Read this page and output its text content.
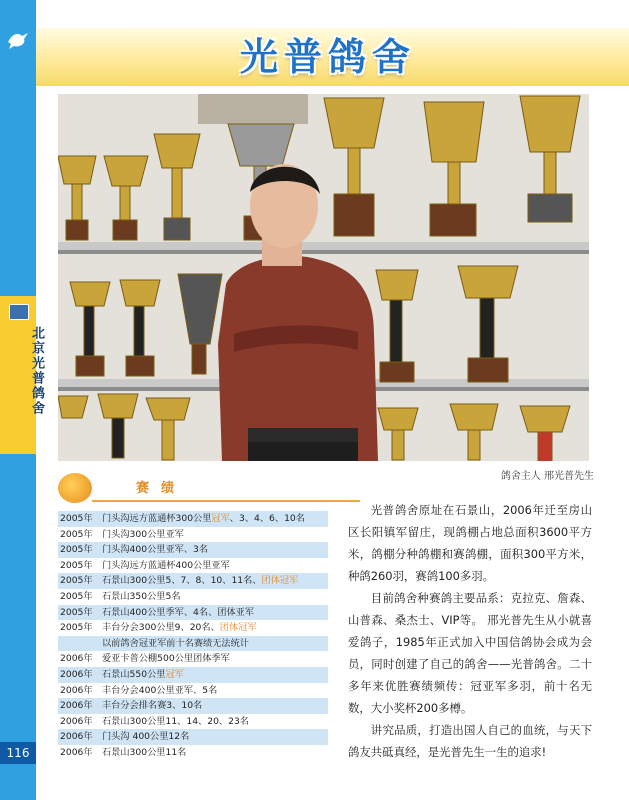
北京光普鸽舍
116
光普鸽舍
鸽舍主人 邢光普先生
赛绩
2005年 门头沟远方蓝通杯300公里冠军、3、4、6、10名
2005年 门头沟300公里亚军
2005年 门头沟400公里亚军、3名
2005年 门头沟远方蓝通杯400公里亚军
2005年 石景山300公里5、7、8、10、11名、团体冠军
2005年 石景山350公里5名
2005年 石景山400公里季军、4名、团体亚军
2005年 丰台分会300公里9、20名、团体冠军
以前鸽舍冠亚军前十名赛绩无法统计
2006年 爱亚卡普公棚500公里团体季军
2006年 石景山550公里冠军
2006年 丰台分会400公里亚军、5名
2006年 丰台分会排名赛3、10名
2006年 石景山300公里11、14、20、23名
2006年 门头沟 400公里12名
2006年 石景山300公里11名

光普鸽舍原址在石景山，2006年迁至房山区长阳镇军留庄，现鸽棚占地总面积3600平方米，鸽棚分种鸽棚和赛鸽棚，面积300平方米，种鸽260羽，赛鸽100多羽。

目前鸽舍种赛鸽主要品系：克拉克、詹森、山普森、桑杰士、VIP等。 邢光普先生从小就喜爱鸽子，1985年正式加入中国信鸽协会成为会员，同时创建了自己的鸽舍——光普鸽舍。二十多年来优胜赛绩频传：冠亚军多羽，前十名无数，大小奖杯200多樽。

讲究品质，打造出国人自己的血统，与天下鸽友共砥真经，是光普先生一生的追求!
